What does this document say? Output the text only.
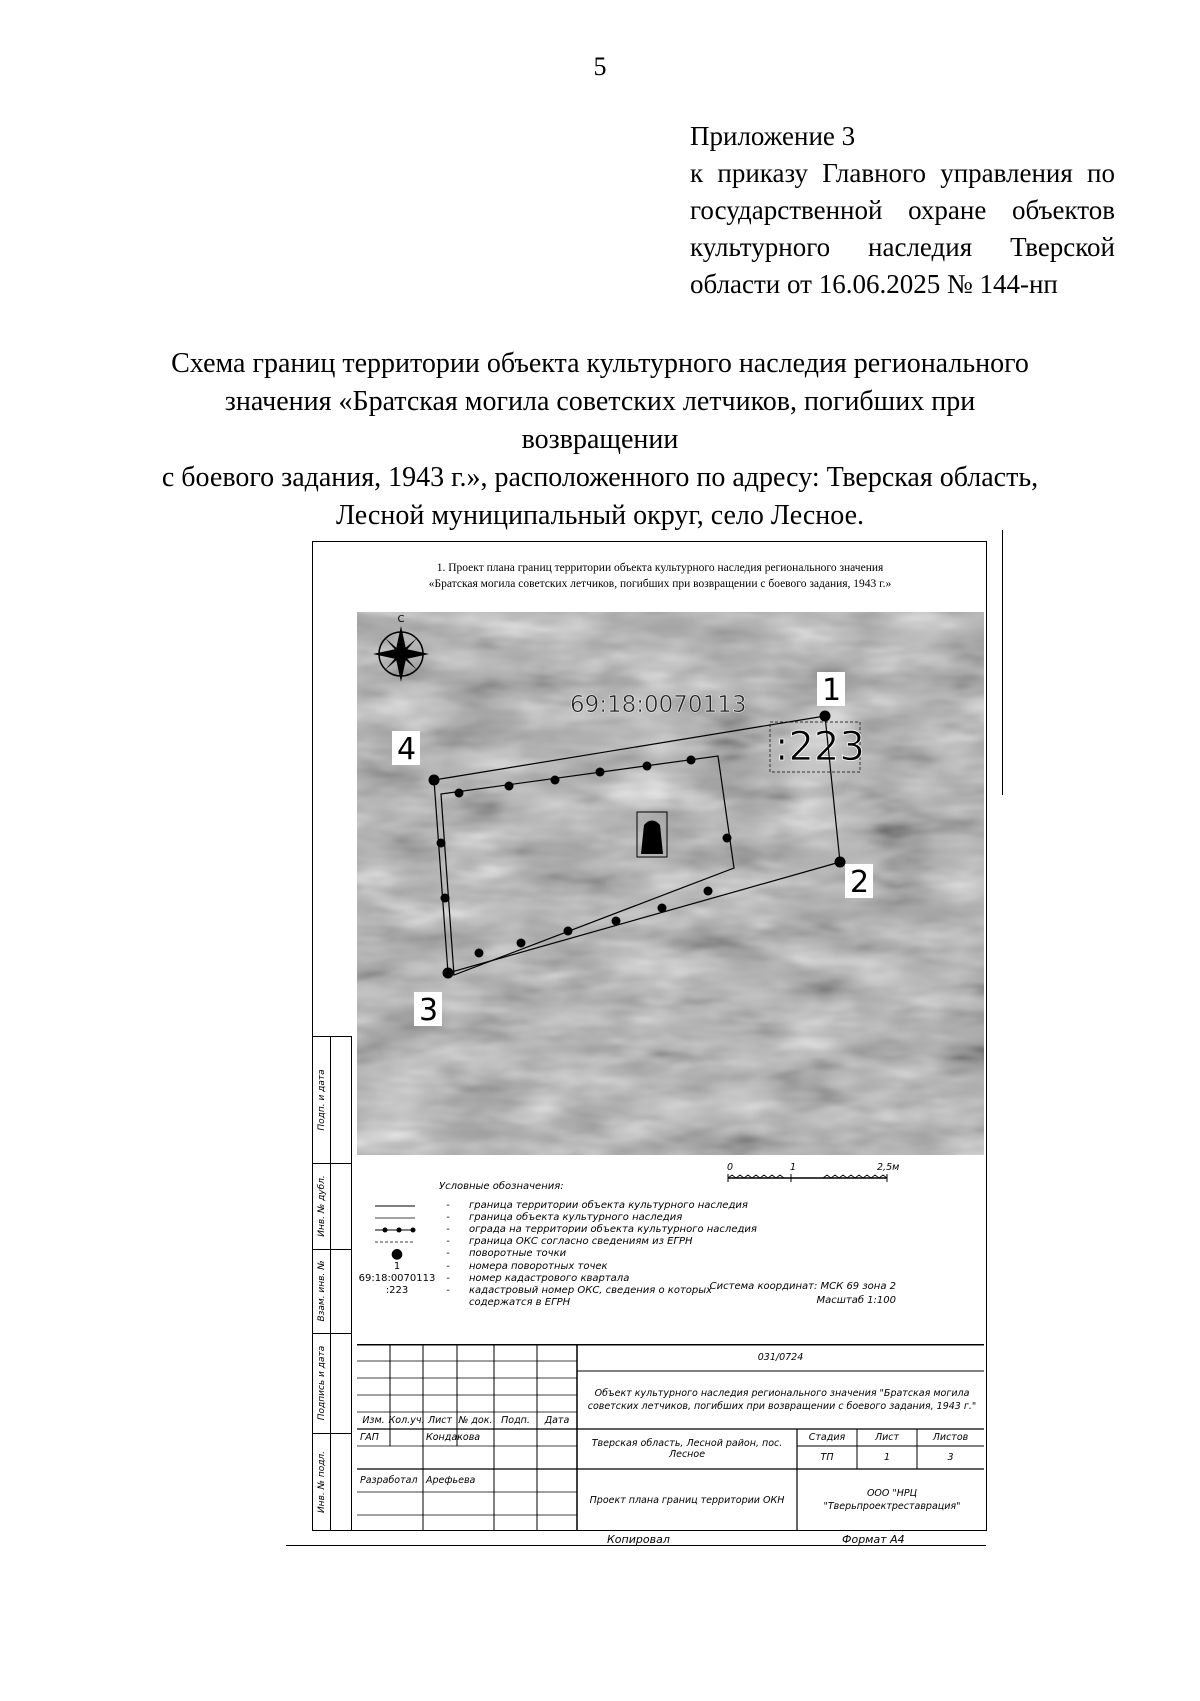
5
Приложение 3
к приказу Главного управления по
государственной охране объектов
культурного наследия Тверской
области от 16.06.2025 № 144-нп
Схема границ территории объекта культурного наследия регионального
значения «Братская могила советских летчиков, погибших при возвращении
с боевого задания, 1943 г.», расположенного по адресу: Тверская область,
Лесной муниципальный округ, село Лесное.
Подп. и дата
Инв. № дубл.
Взам. инв. №
Подпись и дата
Инв. № подл.
1. Проект плана границ территории объекта культурного наследия регионального значения
«Братская могила советских летчиков, погибших при возвращении с боевого задания, 1943 г.»
С
69:18:0070113
:223
1
2
3
4
Условные обозначения:
0	1	2,5м
-	граница территории объекта культурного наследия
-	граница объекта культурного наследия
-	ограда на территории объекта культурного наследия
-	граница ОКС согласно сведениям из ЕГРН
●	-	поворотные точки
1	-	номера поворотных точек
69:18:0070113	-	номер кадастрового квартала
:223	-	кадастровый номер ОКС, сведения о которых
содержатся в ЕГРН
Система координат: МСК 69 зона 2
Масштаб 1:100
031/0724
Объект культурного наследия регионального значения "Братская могила советских летчиков, погибших при возвращении с боевого задания, 1943 г."
Изм. Кол.уч. Лист № док. Подп.	Дата
ГАП	Кондакова
Разработал Арефьева
Тверская область, Лесной район, пос. Лесное
Стадия	Лист	Листов
ТП	1	3
Проект плана границ территории ОКН
ООО "НРЦ "Тверьпроектреставрация"
Копировал	Формат А4
